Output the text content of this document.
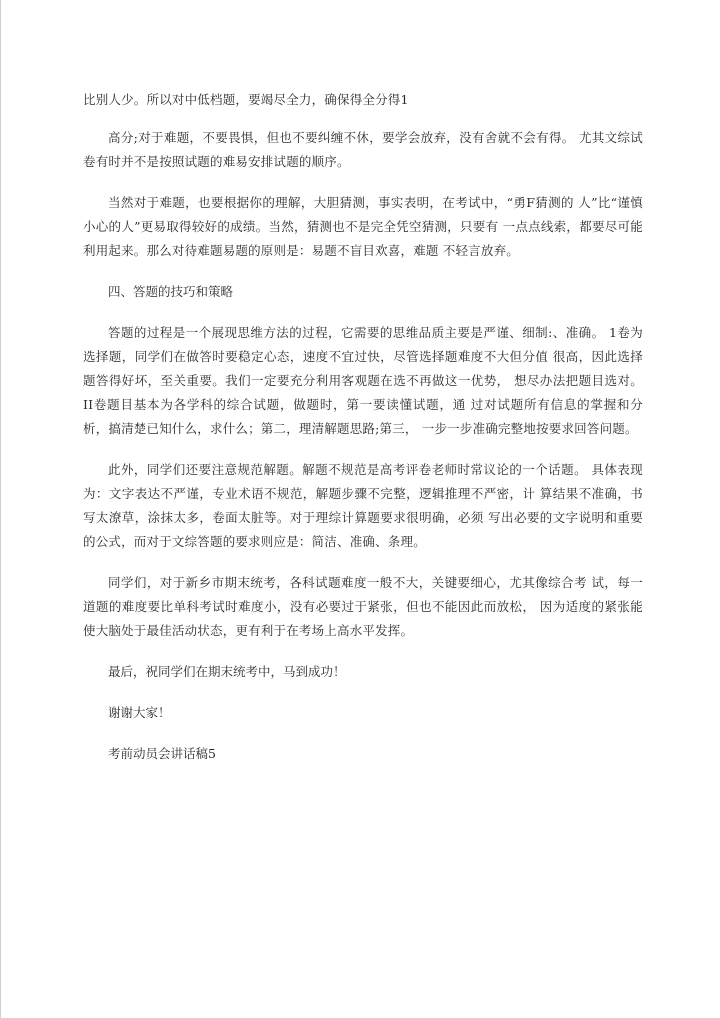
比别人少。所以对中低档题，要竭尽全力，确保得全分得1

高分;对于难题，不要畏惧，但也不要纠缠不休，要学会放弃，没有舍就不会有得。 尤其文综试卷有时并不是按照试题的难易安排试题的顺序。

当然对于难题，也要根据你的理解，大胆猜测，事实表明，在考试中，“勇F猜测的 人”比“谨慎小心的人”更易取得较好的成绩。当然，猜测也不是完全凭空猜测，只要有 一点点线索，都要尽可能利用起来。那么对待难题易题的原则是：易题不盲目欢喜，难题 不轻言放弃。

四、答题的技巧和策略

答题的过程是一个展现思维方法的过程，它需要的思维品质主要是严谨、细制:、准确。 1卷为选择题，同学们在做答时要稳定心态，速度不宜过快，尽管选择题难度不大但分值 很高，因此选择题答得好坏，至关重要。我们一定要充分利用客观题在选不再做这一优势， 想尽办法把题目选对。II卷题目基本为各学科的综合试题，做题时，第一要读懂试题，通 过对试题所有信息的掌握和分析，搞清楚已知什么，求什么；第二，理清解题思路;第三， 一步一步准确完整地按要求回答问题。

此外，同学们还要注意规范解题。解题不规范是高考评卷老师时常议论的一个话题。 具体表现为：文字表达不严谨，专业术语不规范，解题步骤不完整，逻辑推理不严密，计 算结果不准确，书写太潦草，涂抹太多，卷面太脏等。对于理综计算题要求很明确，必须 写出必要的文字说明和重要的公式，而对于文综答题的要求则应是：简洁、准确、条理。

同学们，对于新乡市期末统考，各科试题难度一般不大，关键要细心，尤其像综合考 试，每一道题的难度要比单科考试时难度小，没有必要过于紧张，但也不能因此而放松， 因为适度的紧张能使大脑处于最佳活动状态，更有利于在考场上高水平发挥。

最后，祝同学们在期末统考中，马到成功！

谢谢大家！

考前动员会讲话稿5
